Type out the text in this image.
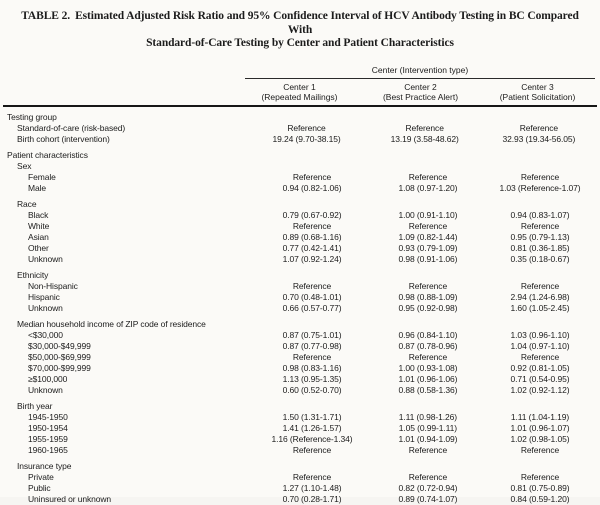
TABLE 2. Estimated Adjusted Risk Ratio and 95% Confidence Interval of HCV Antibody Testing in BC Compared With
Standard-of-Care Testing by Center and Patient Characteristics
Center (Intervention type)
Center 1
(Repeated Mailings)
Center 2
(Best Practice Alert)
Center 3
(Patient Solicitation)
Testing group
Standard-of-care (risk-based)	Reference	Reference	Reference
Birth cohort (intervention)	19.24 (9.70-38.15)	13.19 (3.58-48.62)	32.93 (19.34-56.05)
Patient characteristics
Sex
Female	Reference	Reference	Reference
Male	0.94 (0.82-1.06)	1.08 (0.97-1.20)	1.03 (Reference-1.07)
Race
Black	0.79 (0.67-0.92)	1.00 (0.91-1.10)	0.94 (0.83-1.07)
White	Reference	Reference	Reference
Asian	0.89 (0.68-1.16)	1.09 (0.82-1.44)	0.95 (0.79-1.13)
Other	0.77 (0.42-1.41)	0.93 (0.79-1.09)	0.81 (0.36-1.85)
Unknown	1.07 (0.92-1.24)	0.98 (0.91-1.06)	0.35 (0.18-0.67)
Ethnicity
Non-Hispanic	Reference	Reference	Reference
Hispanic	0.70 (0.48-1.01)	0.98 (0.88-1.09)	2.94 (1.24-6.98)
Unknown	0.66 (0.57-0.77)	0.95 (0.92-0.98)	1.60 (1.05-2.45)
Median household income of ZIP code of residence
<$30,000	0.87 (0.75-1.01)	0.96 (0.84-1.10)	1.03 (0.96-1.10)
$30,000-$49,999	0.87 (0.77-0.98)	0.87 (0.78-0.96)	1.04 (0.97-1.10)
$50,000-$69,999	Reference	Reference	Reference
$70,000-$99,999	0.98 (0.83-1.16)	1.00 (0.93-1.08)	0.92 (0.81-1.05)
≥$100,000	1.13 (0.95-1.35)	1.01 (0.96-1.06)	0.71 (0.54-0.95)
Unknown	0.60 (0.52-0.70)	0.88 (0.58-1.36)	1.02 (0.92-1.12)
Birth year
1945-1950	1.50 (1.31-1.71)	1.11 (0.98-1.26)	1.11 (1.04-1.19)
1950-1954	1.41 (1.26-1.57)	1.05 (0.99-1.11)	1.01 (0.96-1.07)
1955-1959	1.16 (Reference-1.34)	1.01 (0.94-1.09)	1.02 (0.98-1.05)
1960-1965	Reference	Reference	Reference
Insurance type
Private	Reference	Reference	Reference
Public	1.27 (1.10-1.48)	0.82 (0.72-0.94)	0.81 (0.75-0.89)
Uninsured or unknown	0.70 (0.28-1.71)	0.89 (0.74-1.07)	0.84 (0.59-1.20)
